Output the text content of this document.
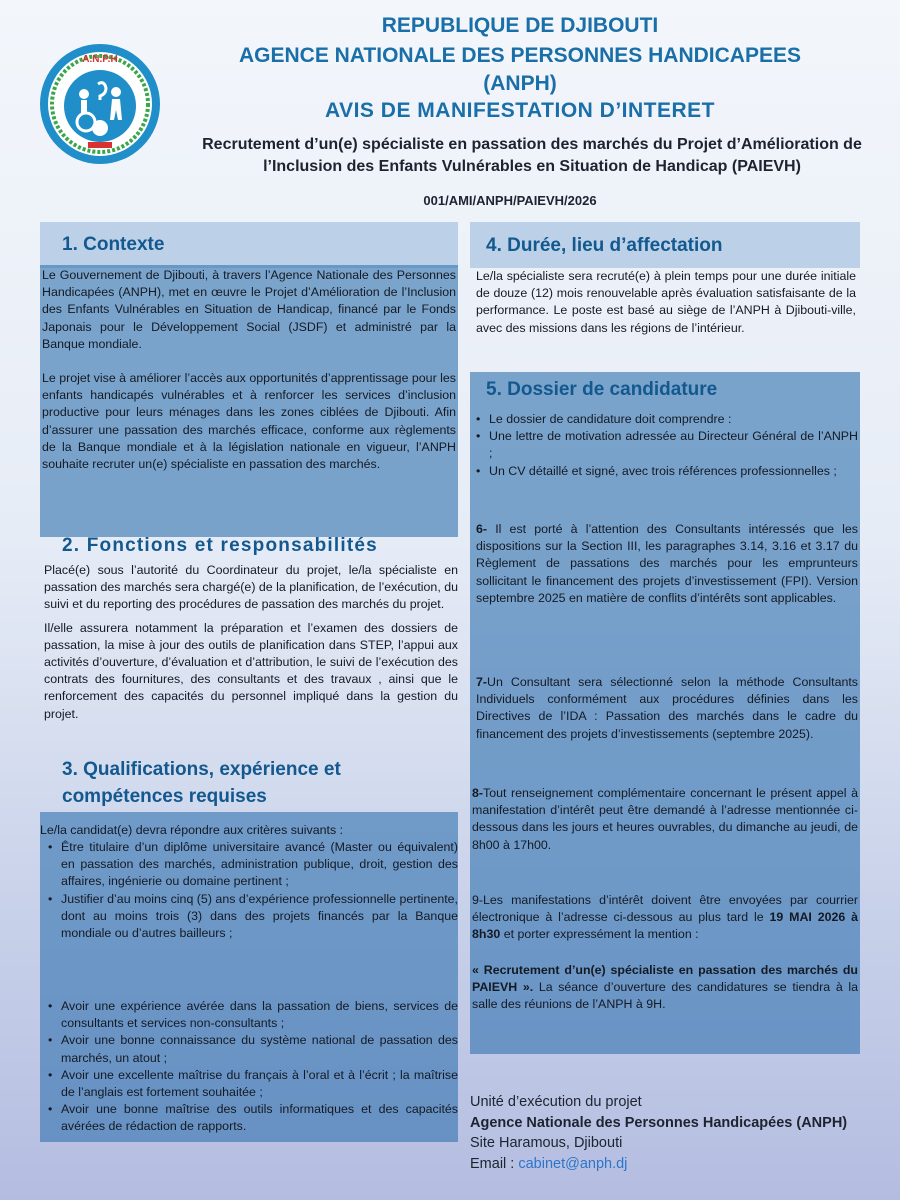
A.N.P.H
REPUBLIQUE DE DJIBOUTI
AGENCE NATIONALE DES PERSONNES HANDICAPEES
(ANPH)
AVIS DE MANIFESTATION D’INTERET
Recrutement d’un(e) spécialiste en passation des marchés du Projet d’Amélioration de l’Inclusion des Enfants Vulnérables en Situation de Handicap (PAIEVH)
001/AMI/ANPH/PAIEVH/2026
1. Contexte

Le Gouvernement de Djibouti, à travers l’Agence Nationale des Personnes Handicapées (ANPH), met en œuvre le Projet d’Amélioration de l’Inclusion des Enfants Vulnérables en Situation de Handicap, financé par le Fonds Japonais pour le Développement Social (JSDF) et administré par la Banque mondiale.

Le projet vise à améliorer l’accès aux opportunités d’apprentissage pour les enfants handicapés vulnérables et à renforcer les services d’inclusion productive pour leurs ménages dans les zones ciblées de Djibouti. Afin d’assurer une passation des marchés efficace, conforme aux règlements de la Banque mondiale et à la législation nationale en vigueur, l’ANPH souhaite recruter un(e) spécialiste en passation des marchés.

2. Fonctions et responsabilités

Placé(e) sous l’autorité du Coordinateur du projet, le/la spécialiste en passation des marchés sera chargé(e) de la planification, de l’exécution, du suivi et du reporting des procédures de passation des marchés du projet.

Il/elle assurera notamment la préparation et l’examen des dossiers de passation, la mise à jour des outils de planification dans STEP, l’appui aux activités d’ouverture, d’évaluation et d’attribution, le suivi de l’exécution des contrats des fournitures, des consultants et des travaux , ainsi que le renforcement des capacités du personnel impliqué dans la gestion du projet.

3. Qualifications, expérience et
compétences requises
Le/la candidat(e) devra répondre aux critères suivants :
• Être titulaire d’un diplôme universitaire avancé (Master ou équivalent) en passation des marchés, administration publique, droit, gestion des affaires, ingénierie ou domaine pertinent ;
• Justifier d’au moins cinq (5) ans d’expérience professionnelle pertinente, dont au moins trois (3) dans des projets financés par la Banque mondiale ou d’autres bailleurs ;
• Avoir une expérience avérée dans la passation de biens, services de consultants et services non-consultants ;
• Avoir une bonne connaissance du système national de passation des marchés, un atout ;
• Avoir une excellente maîtrise du français à l’oral et à l’écrit ; la maîtrise de l’anglais est fortement souhaitée ;
• Avoir une bonne maîtrise des outils informatiques et des capacités avérées de rédaction de rapports.
4. Durée, lieu d’affectation
Le/la spécialiste sera recruté(e) à plein temps pour une durée initiale de douze (12) mois renouvelable après évaluation satisfaisante de la performance. Le poste est basé au siège de l’ANPH à Djibouti-ville, avec des missions dans les régions de l’intérieur.
5. Dossier de candidature
• Le dossier de candidature doit comprendre :
• Une lettre de motivation adressée au Directeur Général de l’ANPH ;
• Un CV détaillé et signé, avec trois références professionnelles ;
6- Il est porté à l’attention des Consultants intéressés que les dispositions sur la Section III, les paragraphes 3.14, 3.16 et 3.17 du Règlement de passations des marchés pour les emprunteurs sollicitant le financement des projets d’investissement (FPI). Version septembre 2025 en matière de conflits d’intérêts sont applicables.
7-Un Consultant sera sélectionné selon la méthode Consultants Individuels conformément aux procédures définies dans les Directives de l’IDA : Passation des marchés dans le cadre du financement des projets d’investissements (septembre 2025).
8-Tout renseignement complémentaire concernant le présent appel à manifestation d’intérêt peut être demandé à l’adresse mentionnée ci-dessous dans les jours et heures ouvrables, du dimanche au jeudi, de 8h00 à 17h00.
9-Les manifestations d’intérêt doivent être envoyées par courrier électronique à l’adresse ci-dessous au plus tard le 19 MAI 2026 à 8h30 et porter expressément la mention :
« Recrutement d’un(e) spécialiste en passation des marchés du PAIEVH ». La séance d’ouverture des candidatures se tiendra à la salle des réunions de l’ANPH à 9H.
Unité d’exécution du projet
Agence Nationale des Personnes Handicapées (ANPH)
Site Haramous, Djibouti
Email : cabinet@anph.dj
